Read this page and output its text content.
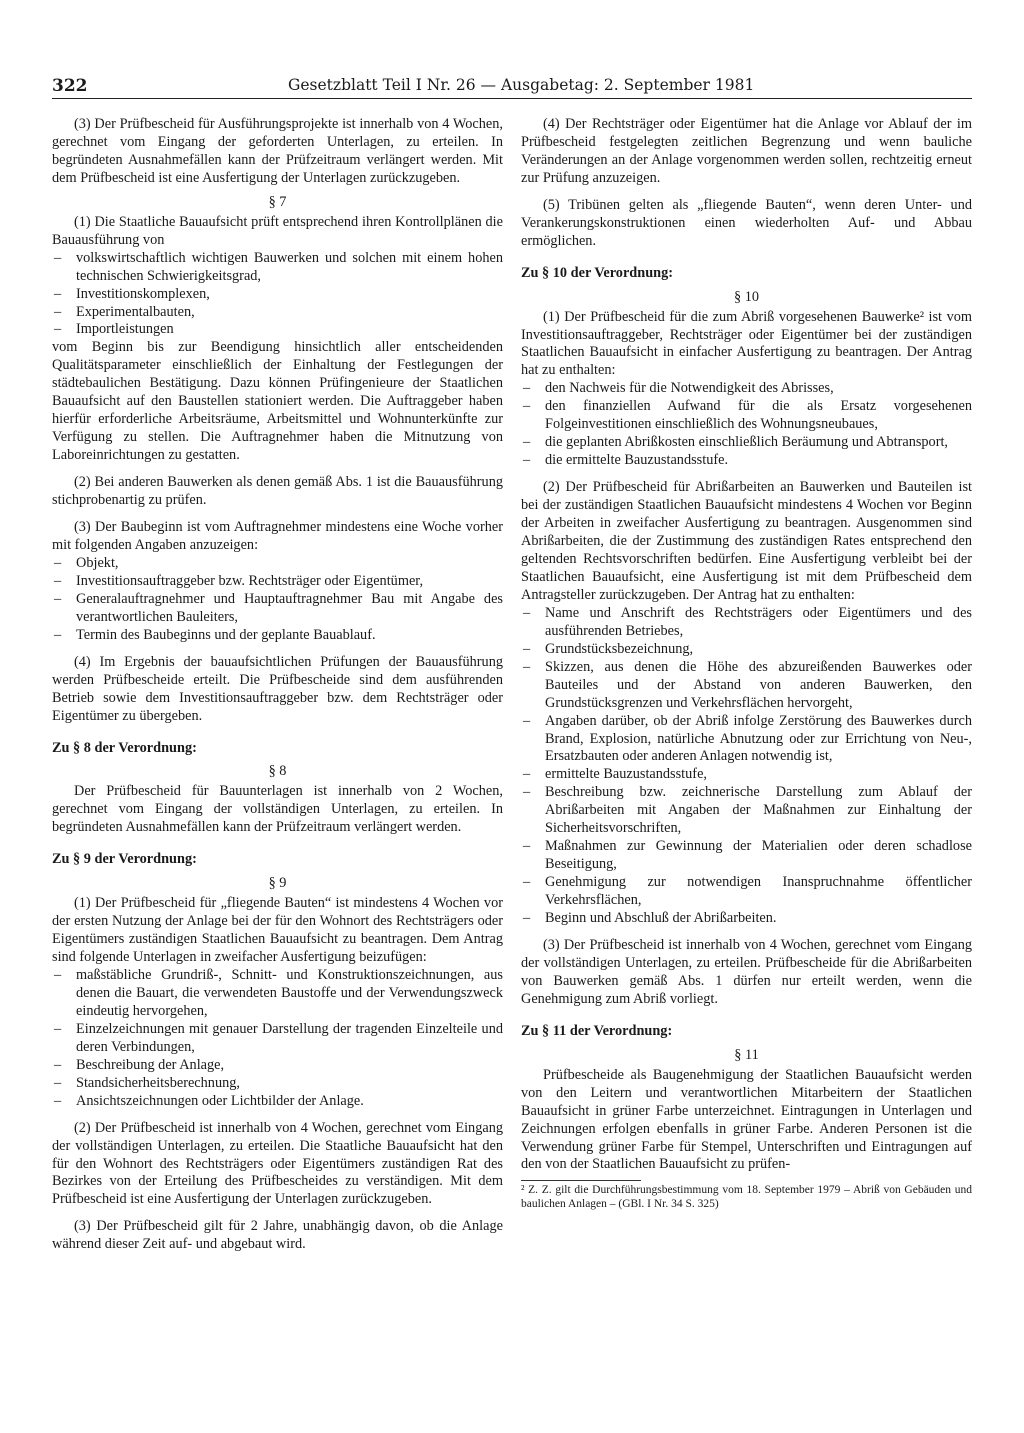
322	Gesetzblatt Teil I Nr. 26 — Ausgabetag: 2. September 1981

(3) Der Prüfbescheid für Ausführungsprojekte ist innerhalb von 4 Wochen, gerechnet vom Eingang der geforderten Unterlagen, zu erteilen. In begründeten Ausnahmefällen kann der Prüfzeitraum verlängert werden. Mit dem Prüfbescheid ist eine Ausfertigung der Unterlagen zurückzugeben.

§ 7

(1) Die Staatliche Bauaufsicht prüft entsprechend ihren Kontrollplänen die Bauausführung von

– volkswirtschaftlich wichtigen Bauwerken und solchen mit einem hohen technischen Schwierigkeitsgrad,
– Investitionskomplexen,
– Experimentalbauten,
– Importleistungen

vom Beginn bis zur Beendigung hinsichtlich aller entscheidenden Qualitätsparameter einschließlich der Einhaltung der Festlegungen der städtebaulichen Bestätigung. Dazu können Prüfingenieure der Staatlichen Bauaufsicht auf den Baustellen stationiert werden. Die Auftraggeber haben hierfür erforderliche Arbeitsräume, Arbeitsmittel und Wohnunterkünfte zur Verfügung zu stellen. Die Auftragnehmer haben die Mitnutzung von Laboreinrichtungen zu gestatten.

(2) Bei anderen Bauwerken als denen gemäß Abs. 1 ist die Bauausführung stichprobenartig zu prüfen.

(3) Der Baubeginn ist vom Auftragnehmer mindestens eine Woche vorher mit folgenden Angaben anzuzeigen:

– Objekt,
– Investitionsauftraggeber bzw. Rechtsträger oder Eigentümer,
– Generalauftragnehmer und Hauptauftragnehmer Bau mit Angabe des verantwortlichen Bauleiters,
– Termin des Baubeginns und der geplante Bauablauf.

(4) Im Ergebnis der bauaufsichtlichen Prüfungen der Bauausführung werden Prüfbescheide erteilt. Die Prüfbescheide sind dem ausführenden Betrieb sowie dem Investitionsauftraggeber bzw. dem Rechtsträger oder Eigentümer zu übergeben.

Zu § 8 der Verordnung:

§ 8

Der Prüfbescheid für Bauunterlagen ist innerhalb von 2 Wochen, gerechnet vom Eingang der vollständigen Unterlagen, zu erteilen. In begründeten Ausnahmefällen kann der Prüfzeitraum verlängert werden.

Zu § 9 der Verordnung:

§ 9

(1) Der Prüfbescheid für „fliegende Bauten“ ist mindestens 4 Wochen vor der ersten Nutzung der Anlage bei der für den Wohnort des Rechtsträgers oder Eigentümers zuständigen Staatlichen Bauaufsicht zu beantragen. Dem Antrag sind folgende Unterlagen in zweifacher Ausfertigung beizufügen:

– maßstäbliche Grundriß-, Schnitt- und Konstruktionszeichnungen, aus denen die Bauart, die verwendeten Baustoffe und der Verwendungszweck eindeutig hervorgehen,
– Einzelzeichnungen mit genauer Darstellung der tragenden Einzelteile und deren Verbindungen,
– Beschreibung der Anlage,
– Standsicherheitsberechnung,
– Ansichtszeichnungen oder Lichtbilder der Anlage.

(2) Der Prüfbescheid ist innerhalb von 4 Wochen, gerechnet vom Eingang der vollständigen Unterlagen, zu erteilen. Die Staatliche Bauaufsicht hat den für den Wohnort des Rechtsträgers oder Eigentümers zuständigen Rat des Bezirkes von der Erteilung des Prüfbescheides zu verständigen. Mit dem Prüfbescheid ist eine Ausfertigung der Unterlagen zurückzugeben.

(3) Der Prüfbescheid gilt für 2 Jahre, unabhängig davon, ob die Anlage während dieser Zeit auf- und abgebaut wird.

(4) Der Rechtsträger oder Eigentümer hat die Anlage vor Ablauf der im Prüfbescheid festgelegten zeitlichen Begrenzung und wenn bauliche Veränderungen an der Anlage vorgenommen werden sollen, rechtzeitig erneut zur Prüfung anzuzeigen.

(5) Tribünen gelten als „fliegende Bauten“, wenn deren Unter- und Verankerungskonstruktionen einen wiederholten Auf- und Abbau ermöglichen.

Zu § 10 der Verordnung:

§ 10

(1) Der Prüfbescheid für die zum Abriß vorgesehenen Bauwerke² ist vom Investitionsauftraggeber, Rechtsträger oder Eigentümer bei der zuständigen Staatlichen Bauaufsicht in einfacher Ausfertigung zu beantragen. Der Antrag hat zu enthalten:

– den Nachweis für die Notwendigkeit des Abrisses,
– den finanziellen Aufwand für die als Ersatz vorgesehenen Folgeinvestitionen einschließlich des Wohnungsneubaues,
– die geplanten Abrißkosten einschließlich Beräumung und Abtransport,
– die ermittelte Bauzustandsstufe.

(2) Der Prüfbescheid für Abrißarbeiten an Bauwerken und Bauteilen ist bei der zuständigen Staatlichen Bauaufsicht mindestens 4 Wochen vor Beginn der Arbeiten in zweifacher Ausfertigung zu beantragen. Ausgenommen sind Abrißarbeiten, die der Zustimmung des zuständigen Rates entsprechend den geltenden Rechtsvorschriften bedürfen. Eine Ausfertigung verbleibt bei der Staatlichen Bauaufsicht, eine Ausfertigung ist mit dem Prüfbescheid dem Antragsteller zurückzugeben. Der Antrag hat zu enthalten:

– Name und Anschrift des Rechtsträgers oder Eigentümers und des ausführenden Betriebes,
– Grundstücksbezeichnung,
– Skizzen, aus denen die Höhe des abzureißenden Bauwerkes oder Bauteiles und der Abstand von anderen Bauwerken, den Grundstücksgrenzen und Verkehrsflächen hervorgeht,
– Angaben darüber, ob der Abriß infolge Zerstörung des Bauwerkes durch Brand, Explosion, natürliche Abnutzung oder zur Errichtung von Neu-, Ersatzbauten oder anderen Anlagen notwendig ist,
– ermittelte Bauzustandsstufe,
– Beschreibung bzw. zeichnerische Darstellung zum Ablauf der Abrißarbeiten mit Angaben der Maßnahmen zur Einhaltung der Sicherheitsvorschriften,
– Maßnahmen zur Gewinnung der Materialien oder deren schadlose Beseitigung,
– Genehmigung zur notwendigen Inanspruchnahme öffentlicher Verkehrsflächen,
– Beginn und Abschluß der Abrißarbeiten.

(3) Der Prüfbescheid ist innerhalb von 4 Wochen, gerechnet vom Eingang der vollständigen Unterlagen, zu erteilen. Prüfbescheide für die Abrißarbeiten von Bauwerken gemäß Abs. 1 dürfen nur erteilt werden, wenn die Genehmigung zum Abriß vorliegt.

Zu § 11 der Verordnung:

§ 11

Prüfbescheide als Baugenehmigung der Staatlichen Bauaufsicht werden von den Leitern und verantwortlichen Mitarbeitern der Staatlichen Bauaufsicht in grüner Farbe unterzeichnet. Eintragungen in Unterlagen und Zeichnungen erfolgen ebenfalls in grüner Farbe. Anderen Personen ist die Verwendung grüner Farbe für Stempel, Unterschriften und Eintragungen auf den von der Staatlichen Bauaufsicht zu prüfen-

² Z. Z. gilt die Durchführungsbestimmung vom 18. September 1979 – Abriß von Gebäuden und baulichen Anlagen – (GBl. I Nr. 34 S. 325)
